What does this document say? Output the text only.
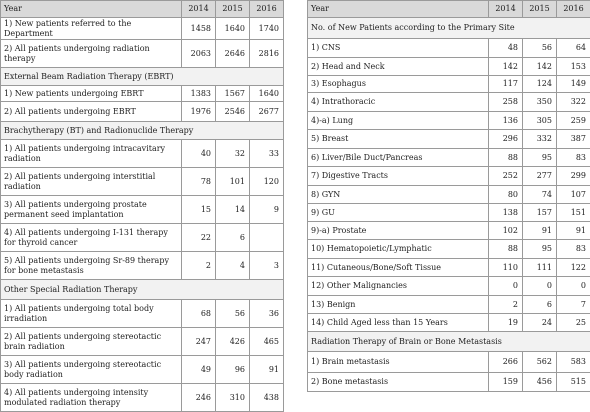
Year	2014	2015	2016
1) New patients referred to the Department	1458	1640	1740
2) All patients undergoing radiation therapy	2063	2646	2816
External Beam Radiation Therapy (EBRT)			
1) New patients undergoing EBRT	1383	1567	1640
2) All patients undergoing EBRT	1976	2546	2677
Brachytherapy (BT) and Radionuclide Therapy			
1) All patients undergoing intracavitary radiation	40	32	33
2) All patients undergoing interstitial radiation	78	101	120
3) All patients undergoing prostate permanent seed implantation	15	14	9
4) All patients undergoing I-131 therapy for thyroid cancer	22	6	
5) All patients undergoing Sr-89 therapy for bone metastasis	2	4	3
Other Special Radiation Therapy			
1) All patients undergoing total body irradiation	68	56	36
2) All patients undergoing stereotactic brain radiation	247	426	465
3) All patients undergoing stereotactic body radiation	49	96	91
4) All patients undergoing intensity modulated radiation therapy	246	310	438
Year	2014	2015	2016
No. of New Patients according to the Primary Site			
1) CNS	48	56	64
2) Head and Neck	142	142	153
3) Esophagus	117	124	149
4) Intrathoracic	258	350	322
4)-a) Lung	136	305	259
5) Breast	296	332	387
6) Liver/Bile Duct/Pancreas	88	95	83
7) Digestive Tracts	252	277	299
8) GYN	80	74	107
9) GU	138	157	151
9)-a) Prostate	102	91	91
10) Hematopoietic/Lymphatic	88	95	83
11) Cutaneous/Bone/Soft Tissue	110	111	122
12) Other Malignancies	0	0	0
13) Benign	2	6	7
14) Child Aged less than 15 Years	19	24	25
Radiation Therapy of Brain or Bone Metastasis			
1) Brain metastasis	266	562	583
2) Bone metastasis	159	456	515
